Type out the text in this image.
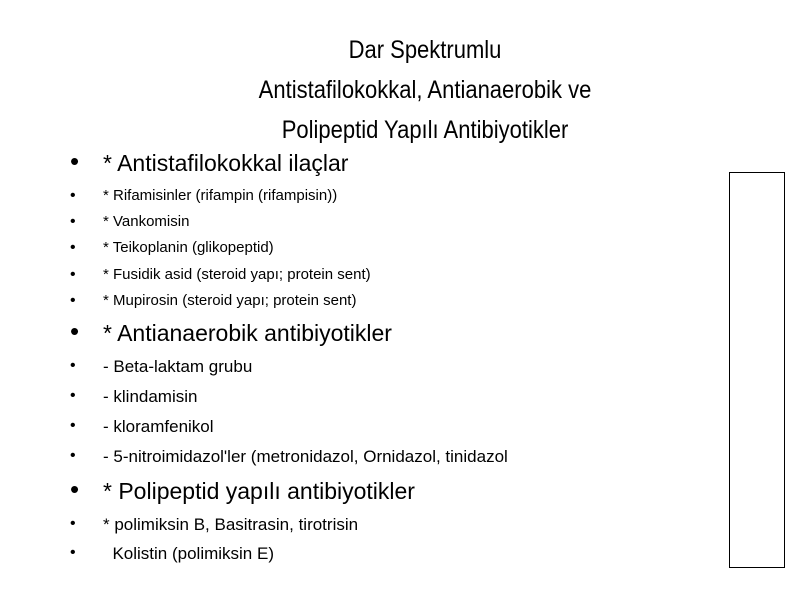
Dar Spektrumlu
Antistafilokokkal, Antianaerobik ve
Polipeptid Yapılı Antibiyotikler
• * Antistafilokokkal ilaçlar
• * Rifamisinler (rifampin (rifampisin))
• * Vankomisin
• * Teikoplanin (glikopeptid)
• * Fusidik asid (steroid yapı; protein sent)
• * Mupirosin (steroid yapı; protein sent)
• * Antianaerobik antibiyotikler
• - Beta-laktam grubu
• - klindamisin
• - kloramfenikol
• - 5-nitroimidazol'ler (metronidazol, Ornidazol, tinidazol
• * Polipeptid yapılı antibiyotikler
• * polimiksin B, Basitrasin, tirotrisin
• Kolistin (polimiksin E)
